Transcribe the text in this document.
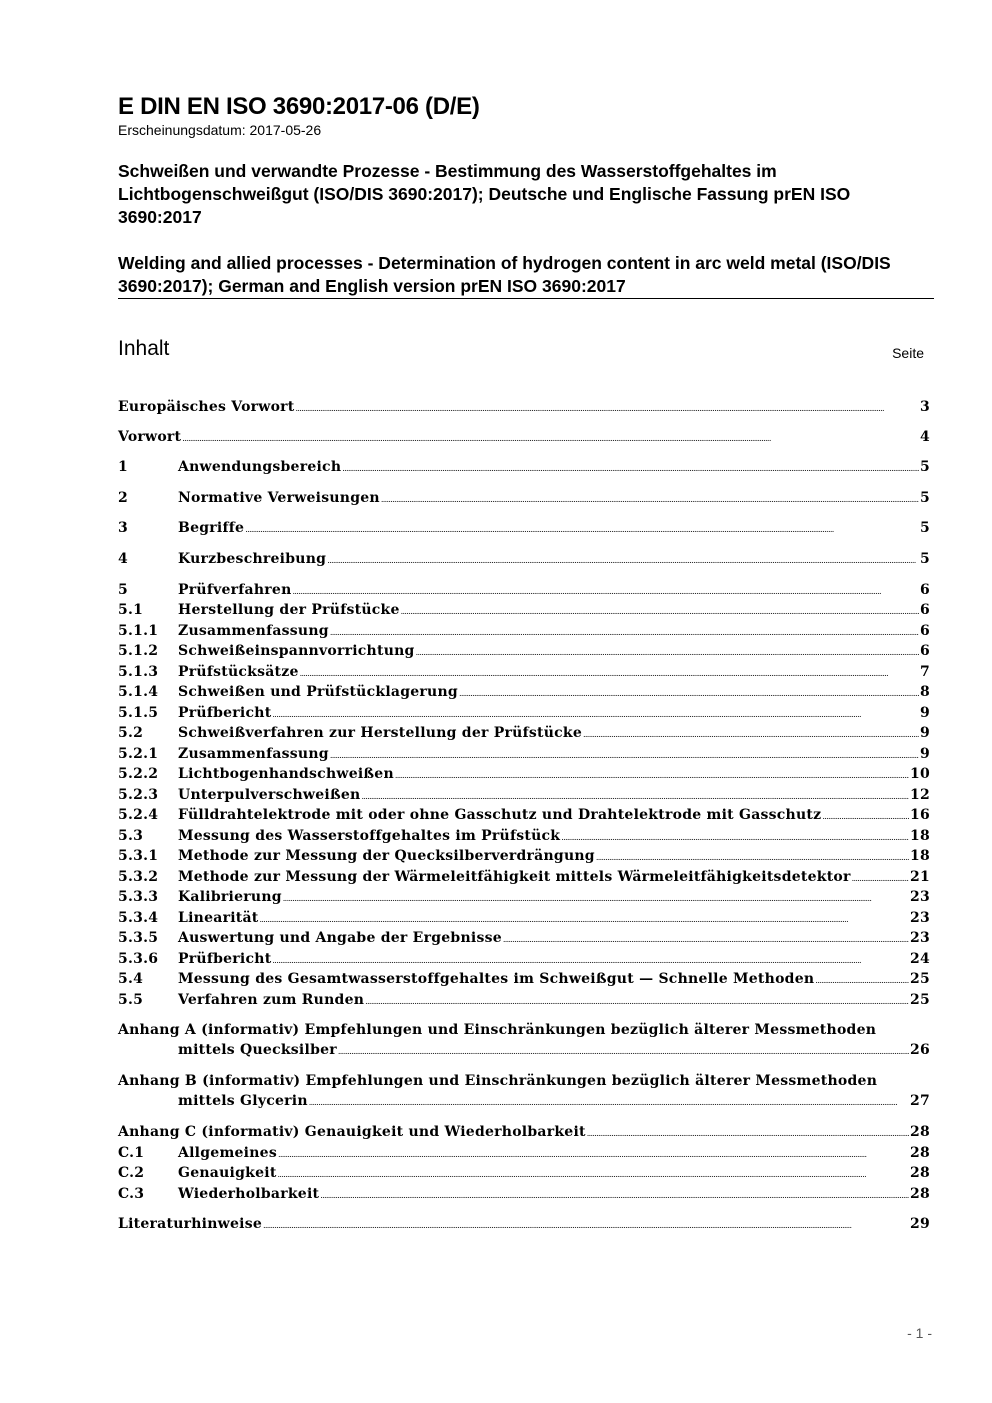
E DIN EN ISO 3690:2017-06 (D/E)
Erscheinungsdatum: 2017-05-26
Schweißen und verwandte Prozesse - Bestimmung des Wasserstoffgehaltes im Lichtbogenschweißgut (ISO/DIS 3690:2017); Deutsche und Englische Fassung prEN ISO 3690:2017
Welding and allied processes - Determination of hydrogen content in arc weld metal (ISO/DIS 3690:2017); German and English version prEN ISO 3690:2017
Inhalt	Seite
Europäisches Vorwort . . .	3
Vorwort . . .	4
1	Anwendungsbereich . . .	5
2	Normative Verweisungen . . .	5
3	Begriffe . . .	5
4	Kurzbeschreibung . . .	5
5	Prüfverfahren . . .	6
5.1	Herstellung der Prüfstücke . . .	6
5.1.1	Zusammenfassung . . .	6
5.1.2	Schweißeinspannvorrichtung . . .	6
5.1.3	Prüfstücksätze . . .	7
5.1.4	Schweißen und Prüfstücklagerung . . .	8
5.1.5	Prüfbericht . . .	9
5.2	Schweißverfahren zur Herstellung der Prüfstücke . . .	9
5.2.1	Zusammenfassung . . .	9
5.2.2	Lichtbogenhandschweißen . . .	10
5.2.3	Unterpulverschweißen . . .	12
5.2.4	Fülldrahtelektrode mit oder ohne Gasschutz und Drahtelektrode mit Gasschutz . . .	16
5.3	Messung des Wasserstoffgehaltes im Prüfstück . . .	18
5.3.1	Methode zur Messung der Quecksilberverdrängung . . .	18
5.3.2	Methode zur Messung der Wärmeleitfähigkeit mittels Wärmeleitfähigkeitsdetektor . . .	21
5.3.3	Kalibrierung . . .	23
5.3.4	Linearität . . .	23
5.3.5	Auswertung und Angabe der Ergebnisse . . .	23
5.3.6	Prüfbericht . . .	24
5.4	Messung des Gesamtwasserstoffgehaltes im Schweißgut — Schnelle Methoden . . .	25
5.5	Verfahren zum Runden . . .	25
Anhang A (informativ) Empfehlungen und Einschränkungen bezüglich älterer Messmethoden
mittels Quecksilber . . .	26
Anhang B (informativ) Empfehlungen und Einschränkungen bezüglich älterer Messmethoden
mittels Glycerin . . .	27
Anhang C (informativ) Genauigkeit und Wiederholbarkeit . . .	28
C.1	Allgemeines . . .	28
C.2	Genauigkeit . . .	28
C.3	Wiederholbarkeit . . .	28
Literaturhinweise . . .	29
- 1 -
